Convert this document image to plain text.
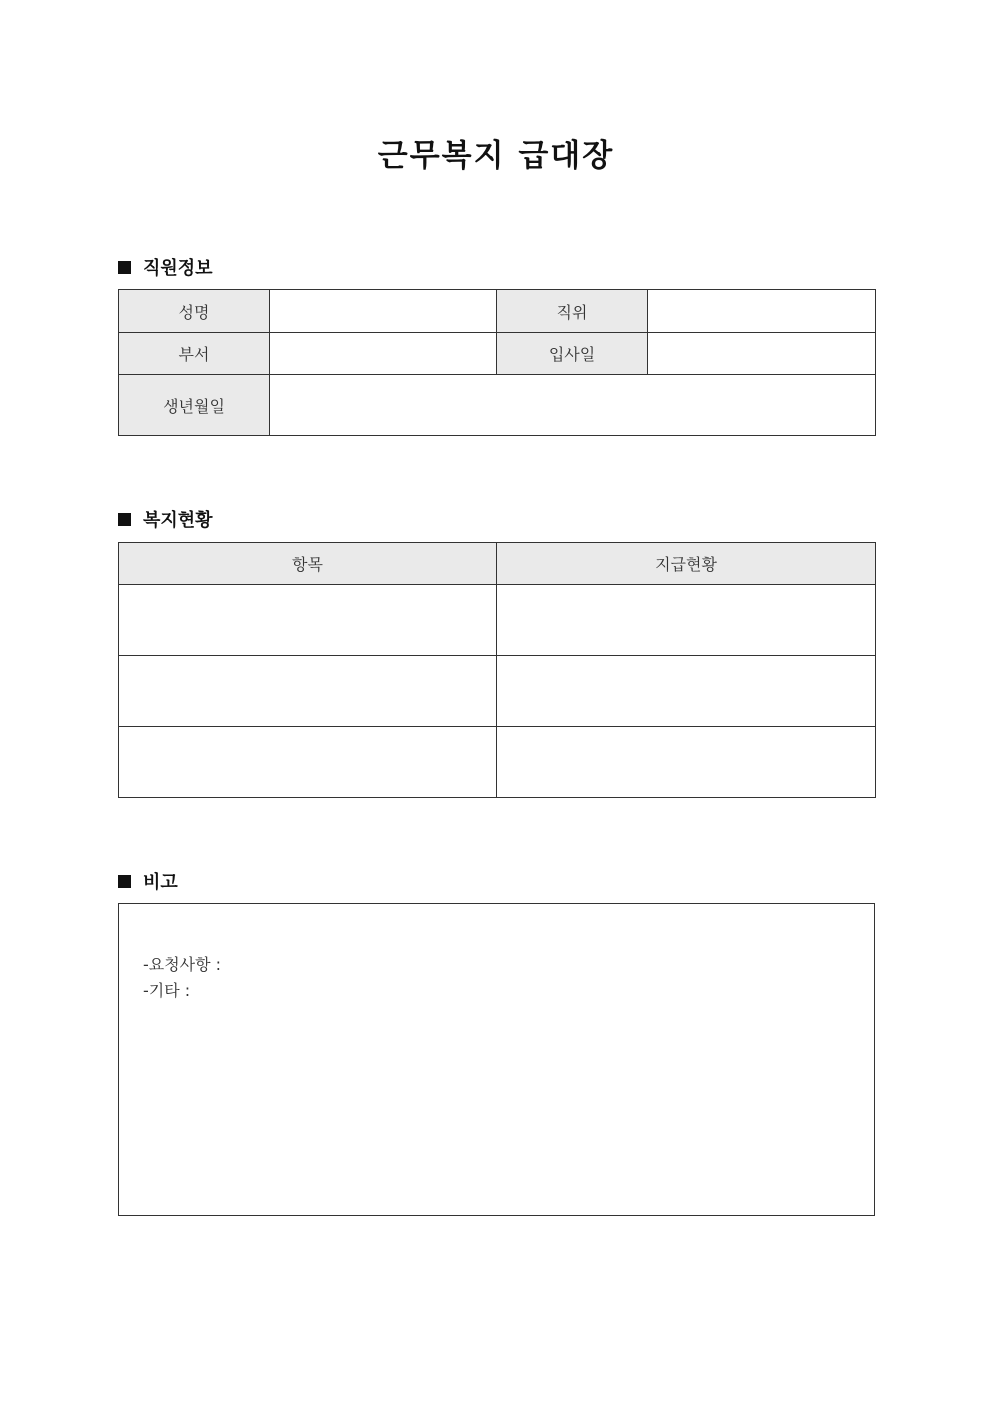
근무복지 급대장
직원정보
성명		직위	
부서		입사일	
생년월일			
복지현황
항목	지급현황

비고
-요청사항 :
-기타 :
